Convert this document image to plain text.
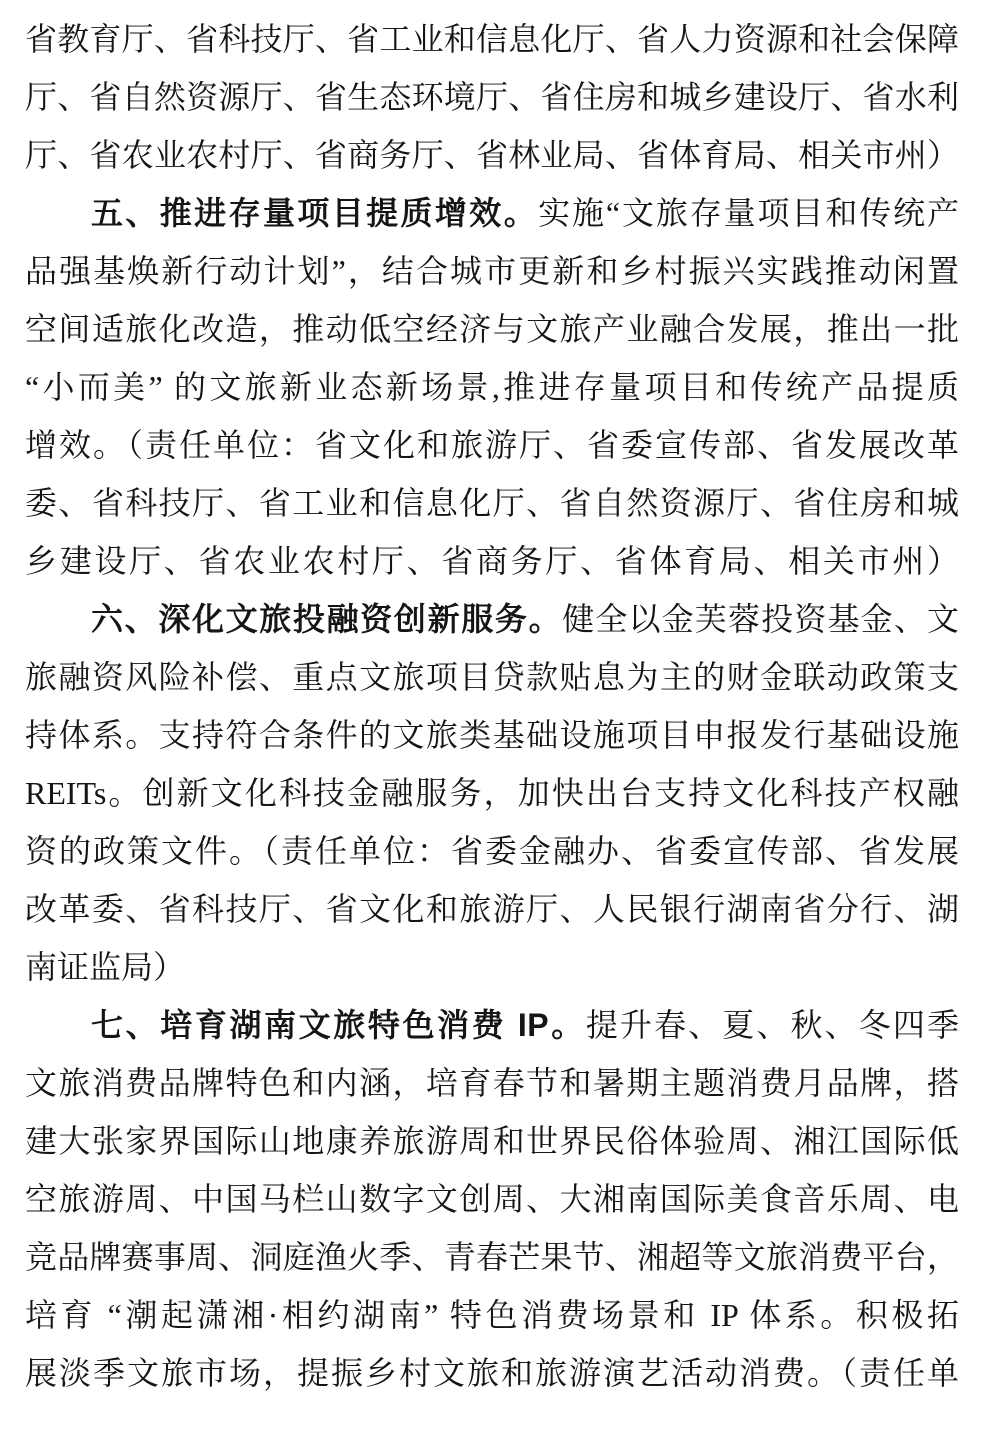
省教育厅、省科技厅、省工业和信息化厅、省人力资源和社会保障
厅、省自然资源厅、省生态环境厅、省住房和城乡建设厅、省水利
厅、省农业农村厅、省商务厅、省林业局、省体育局、相关市州）
五、推进存量项目提质增效。实施“文旅存量项目和传统产
品强基焕新行动计划”，结合城市更新和乡村振兴实践推动闲置
空间适旅化改造，推动低空经济与文旅产业融合发展，推出一批
“小而美” 的文旅新业态新场景,推进存量项目和传统产品提质
增效。（责任单位：省文化和旅游厅、省委宣传部、省发展改革
委、省科技厅、省工业和信息化厅、省自然资源厅、省住房和城
乡建设厅、省农业农村厅、省商务厅、省体育局、相关市州）
六、深化文旅投融资创新服务。健全以金芙蓉投资基金、文
旅融资风险补偿、重点文旅项目贷款贴息为主的财金联动政策支
持体系。支持符合条件的文旅类基础设施项目申报发行基础设施
REITs。创新文化科技金融服务，加快出台支持文化科技产权融
资的政策文件。（责任单位：省委金融办、省委宣传部、省发展
改革委、省科技厅、省文化和旅游厅、人民银行湖南省分行、湖
南证监局）
七、培育湖南文旅特色消费 IP。提升春、夏、秋、冬四季
文旅消费品牌特色和内涵，培育春节和暑期主题消费月品牌，搭
建大张家界国际山地康养旅游周和世界民俗体验周、湘江国际低
空旅游周、中国马栏山数字文创周、大湘南国际美食音乐周、电
竞品牌赛事周、洞庭渔火季、青春芒果节、湘超等文旅消费平台，
培育 “潮起潇湘·相约湖南” 特色消费场景和 IP 体系。积极拓
展淡季文旅市场，提振乡村文旅和旅游演艺活动消费。（责任单
